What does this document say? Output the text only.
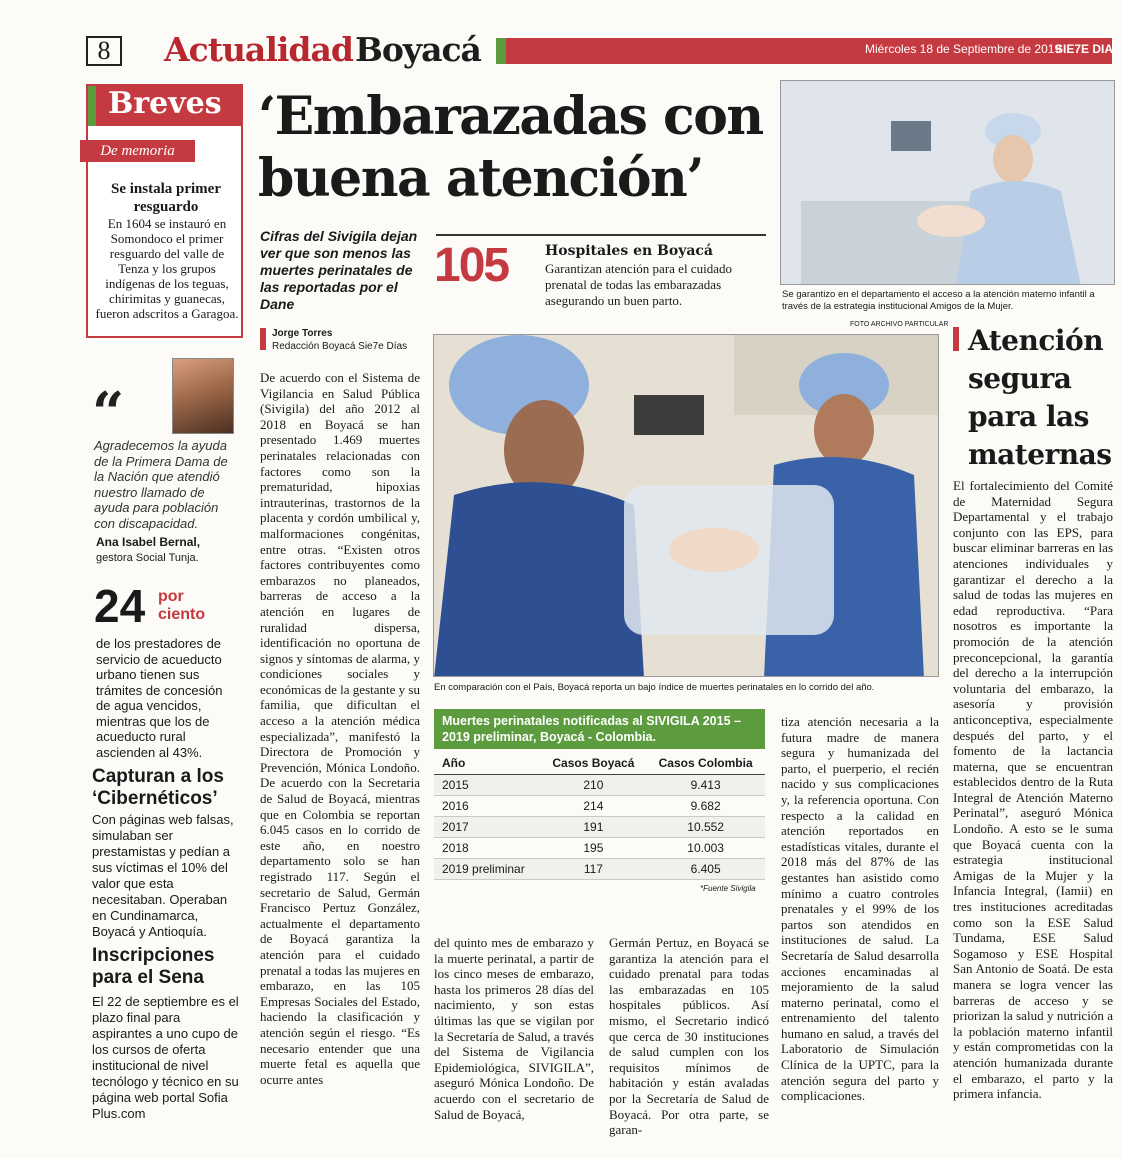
8	Actualidad Boyacá	Miércoles 18 de Septiembre de 2019
SIE7E DIAS
Breves
De memoria
Se instala primer resguardo
En 1604 se instauró en Somondoco el primer resguardo del valle de Tenza y los grupos indígenas de los teguas, chirimitas y guanecas, fueron adscritos a Garagoa.
“
Agradecemos la ayuda de la Primera Dama de la Nación que atendió nuestro llamado de ayuda para población con discapacidad.
Ana Isabel Bernal,
gestora Social Tunja.
24 por
ciento
de los prestadores de servicio de acueducto urbano tienen sus trámites de concesión de agua vencidos, mientras que los de acueducto rural ascienden al 43%.
Capturan a los ‘Cibernéticos’
Con páginas web falsas, simulaban ser prestamistas y pedían a sus víctimas el 10% del valor que esta necesitaban. Operaban en Cundinamarca, Boyacá y Antioquía.
Inscripciones para el Sena
El 22 de septiembre es el plazo final para aspirantes a uno cupo de los cursos de oferta institucional de nivel tecnólogo y técnico en su página web portal Sofia Plus.com
‘Embarazadas con buena atención’
Cifras del Sivigila dejan ver que son menos las muertes perinatales de las reportadas por el Dane
Jorge Torres
Redacción Boyacá Sie7e Días
105	Hospitales en Boyacá
Garantizan atención para el cuidado prenatal de todas las embarazadas asegurando un buen parto.	Se garantizo en el departamento el acceso a la atención materno infantil a través de la estrategia institucional Amigos de la Mujer.
FOTO ARCHIVO PARTICULAR
En comparación con el País, Boyacá reporta un bajo índice de muertes perinatales en lo corrido del año.
De acuerdo con el Sistema de Vigilancia en Salud Pública (Sivigila) del año 2012 al 2018 en Boyacá se han presentado 1.469 muertes perinatales relacionadas con factores como son la prematuridad, hipoxias intrauterinas, trastornos de la placenta y cordón umbilical y, malformaciones congénitas, entre otras. “Existen otros factores contribuyentes como embarazos no planeados, barreras de acceso a la atención en lugares de ruralidad dispersa, identificación no oportuna de signos y síntomas de alarma, y condiciones sociales y económicas de la gestante y su familia, que dificultan el acceso a la atención médica especializada”, manifestó la Directora de Promoción y Prevención, Mónica Londoño. De acuerdo con la Secretaria de Salud de Boyacá, mientras que en Colombia se reportan 6.045 casos en lo corrido de este año, en noestro departamento solo se han registrado 117. Según el secretario de Salud, Germán Francisco Pertuz González, actualmente el departamento de Boyacá garantiza la atención para el cuidado prenatal a todas las mujeres en embarazo, en las 105 Empresas Sociales del Estado, haciendo la clasificación y atención según el riesgo. “Es necesario entender que una muerte fetal es aquella que ocurre antes
del quinto mes de embarazo y la muerte perinatal, a partir de los cinco meses de embarazo, hasta los primeros 28 días del nacimiento, y son estas últimas las que se vigilan por la Secretaría de Salud, a través del Sistema de Vigilancia Epidemiológica, SIVIGILA”, aseguró Mónica Londoño. De acuerdo con el secretario de Salud de Boyacá,
Germán Pertuz, en Boyacá se garantiza la atención para el cuidado prenatal para todas las embarazadas en 105 hospitales públicos. Así mismo, el Secretario indicó que cerca de 30 instituciones de salud cumplen con los requisitos mínimos de habitación y están avaladas por la Secretaría de Salud de Boyacá. Por otra parte, se garan-
tiza atención necesaria a la futura madre de manera segura y humanizada del parto, el puerperio, el recién nacido y sus complicaciones y, la referencia oportuna. Con respecto a la calidad en atención reportados en estadísticas vitales, durante el 2018 más del 87% de las gestantes han asistido como mínimo a cuatro controles prenatales y el 99% de los partos son atendidos en instituciones de salud. La Secretaría de Salud desarrolla acciones encaminadas al mejoramiento de la salud materno perinatal, como el entrenamiento del talento humano en salud, a través del Laboratorio de Simulación Clínica de la UPTC, para la atención segura del parto y complicaciones.
Atención segura para las maternas
El fortalecimiento del Comité de Maternidad Segura Departamental y el trabajo conjunto con las EPS, para buscar eliminar barreras en las atenciones individuales y garantizar el derecho a la salud de todas las mujeres en edad reproductiva. “Para nosotros es importante la promoción de la atención preconcepcional, la garantía del derecho a la interrupción voluntaria del embarazo, la asesoría y provisión anticonceptiva, especialmente después del parto, y el fomento de la lactancia materna, que se encuentran establecidos dentro de la Ruta Integral de Atención Materno Perinatal”, aseguró Mónica Londoño. A esto se le suma que Boyacá cuenta con la estrategia institucional Amigas de la Mujer y la Infancia Integral, (Iamii) en tres instituciones acreditadas como son la ESE Salud Tundama, ESE Salud Sogamoso y ESE Hospital San Antonio de Soatá. De esta manera se logra vencer las barreras de acceso y se priorizan la salud y nutrición a la población materno infantil y están comprometidas con la atención humanizada durante el embarazo, el parto y la primera infancia.
Muertes perinatales notificadas al SIVIGILA 2015 – 2019 preliminar, Boyacá - Colombia.
Año	Casos Boyacá	Casos Colombia
2015	210	9.413
2016	214	9.682
2017	191	10.552
2018	195	10.003
2019 preliminar	117	6.405
*Fuente Sivigila
